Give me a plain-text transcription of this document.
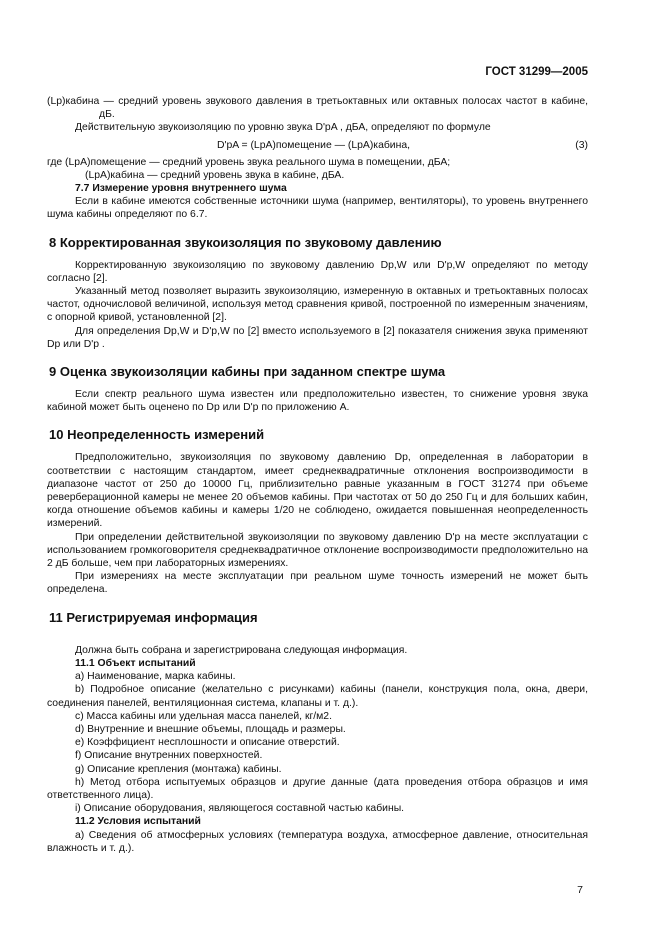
ГОСТ 31299—2005

(Lp)кабина — средний уровень звукового давления в третьоктавных или октавных полосах частот в кабине, дБ.

Действительную звукоизоляцию по уровню звука D'pA , дБА, определяют по формуле

D'pA = (LpA)помещение — (LpA)кабина,	(3)

где (LpA)помещение — средний уровень звука реального шума в помещении, дБА;

(LpA)кабина — средний уровень звука в кабине, дБА.

7.7 Измерение уровня внутреннего шума

Если в кабине имеются собственные источники шума (например, вентиляторы), то уровень внутреннего шума кабины определяют по 6.7.

8 Корректированная звукоизоляция по звуковому давлению

Корректированную звукоизоляцию по звуковому давлению Dp,W или D'p,W определяют по методу согласно [2].

Указанный метод позволяет выразить звукоизоляцию, измеренную в октавных и третьоктавных полосах частот, одночисловой величиной, используя метод сравнения кривой, построенной по измеренным значениям, с опорной кривой, установленной [2].

Для определения Dp,W и D'p,W по [2] вместо используемого в [2] показателя снижения звука применяют Dp или D'p .

9 Оценка звукоизоляции кабины при заданном спектре шума

Если спектр реального шума известен или предположительно известен, то снижение уровня звука кабиной может быть оценено по Dp или D'p по приложению А.

10 Неопределенность измерений

Предположительно, звукоизоляция по звуковому давлению Dp, определенная в лаборатории в соответствии с настоящим стандартом, имеет среднеквадратичные отклонения воспроизводимости в диапазоне частот от 250 до 10000 Гц, приблизительно равные указанным в ГОСТ 31274 при объеме реверберационной камеры не менее 20 объемов кабины. При частотах от 50 до 250 Гц и для больших кабин, когда отношение объемов кабины и камеры 1/20 не соблюдено, ожидается повышенная неопределенность измерений.

При определении действительной звукоизоляции по звуковому давлению D'p на месте эксплуатации с использованием громкоговорителя среднеквадратичное отклонение воспроизводимости предположительно на 2 дБ больше, чем при лабораторных измерениях.

При измерениях на месте эксплуатации при реальном шуме точность измерений не может быть определена.

11 Регистрируемая информация

Должна быть собрана и зарегистрирована следующая информация.

11.1 Объект испытаний

а) Наименование, марка кабины.

b) Подробное описание (желательно с рисунками) кабины (панели, конструкция пола, окна, двери, соединения панелей, вентиляционная система, клапаны и т. д.).

c) Масса кабины или удельная масса панелей, кг/м2.

d) Внутренние и внешние объемы, площадь и размеры.

e) Коэффициент несплошности и описание отверстий.

f) Описание внутренних поверхностей.

g) Описание крепления (монтажа) кабины.

h) Метод отбора испытуемых образцов и другие данные (дата проведения отбора образцов и имя ответственного лица).

i) Описание оборудования, являющегося составной частью кабины.

11.2 Условия испытаний

а) Сведения об атмосферных условиях (температура воздуха, атмосферное давление, относительная влажность и т. д.).

7
